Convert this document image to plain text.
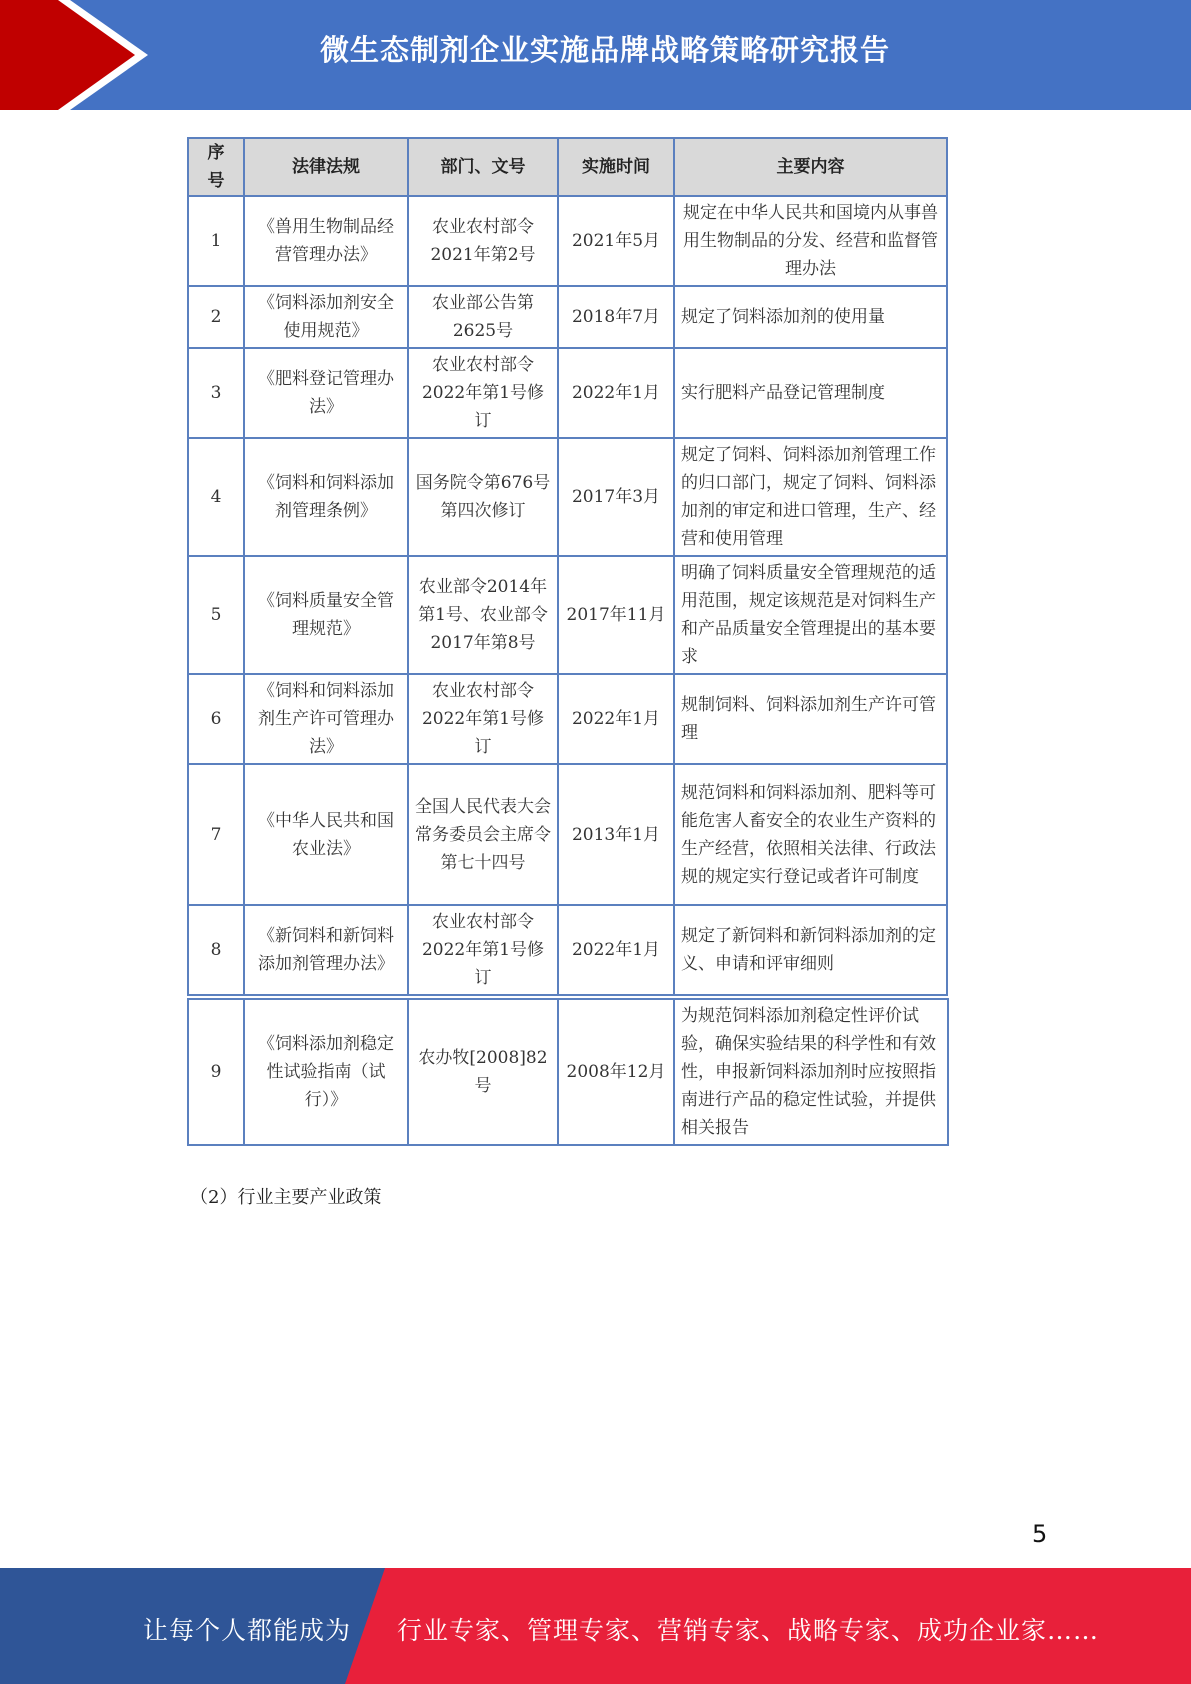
微生态制剂企业实施品牌战略策略研究报告
序号	法律法规	部门、文号	实施时间	主要内容
1	《兽用生物制品经营管理办法》	农业农村部令2021年第2号	2021年5月	规定在中华人民共和国境内从事兽用生物制品的分发、经营和监督管理办法
2	《饲料添加剂安全使用规范》	农业部公告第2625号	2018年7月	规定了饲料添加剂的使用量
3	《肥料登记管理办法》	农业农村部令2022年第1号修订	2022年1月	实行肥料产品登记管理制度
4	《饲料和饲料添加剂管理条例》	国务院令第676号第四次修订	2017年3月	规定了饲料、饲料添加剂管理工作的归口部门，规定了饲料、饲料添加剂的审定和进口管理，生产、经营和使用管理
5	《饲料质量安全管理规范》	农业部令2014年第1号、农业部令2017年第8号	2017年11月	明确了饲料质量安全管理规范的适用范围，规定该规范是对饲料生产和产品质量安全管理提出的基本要求
6	《饲料和饲料添加剂生产许可管理办法》	农业农村部令2022年第1号修订	2022年1月	规制饲料、饲料添加剂生产许可管理
7	《中华人民共和国农业法》	全国人民代表大会常务委员会主席令第七十四号	2013年1月	规范饲料和饲料添加剂、肥料等可能危害人畜安全的农业生产资料的生产经营，依照相关法律、行政法规的规定实行登记或者许可制度
8	《新饲料和新饲料添加剂管理办法》	农业农村部令2022年第1号修订	2022年1月	规定了新饲料和新饲料添加剂的定义、申请和评审细则
9	《饲料添加剂稳定性试验指南（试行）》	农办牧[2008]82号	2008年12月	为规范饲料添加剂稳定性评价试验，确保实验结果的科学性和有效性，申报新饲料添加剂时应按照指南进行产品的稳定性试验，并提供相关报告
（2）行业主要产业政策
5
让每个人都能成为 行业专家、管理专家、营销专家、战略专家、成功企业家……
